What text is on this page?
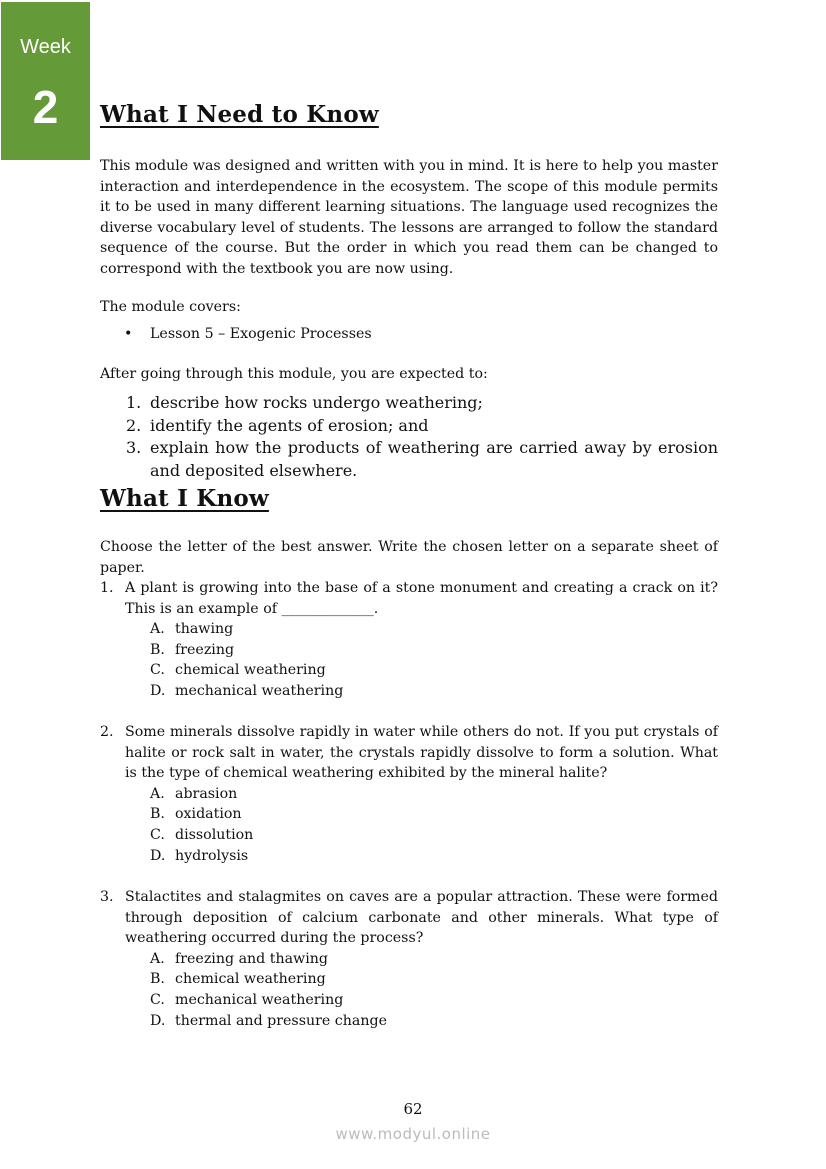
Week
2	What I Need to Know

This module was designed and written with you in mind. It is here to help you master interaction and interdependence in the ecosystem. The scope of this module permits it to be used in many different learning situations. The language used recognizes the diverse vocabulary level of students. The lessons are arranged to follow the standard sequence of the course. But the order in which you read them can be changed to correspond with the textbook you are now using.

The module covers:
• Lesson 5 – Exogenic Processes
After going through this module, you are expected to:
1. describe how rocks undergo weathering;
2. identify the agents of erosion; and
3. explain how the products of weathering are carried away by erosion and deposited elsewhere.
What I Know
Choose the letter of the best answer. Write the chosen letter on a separate sheet of paper.
1. A plant is growing into the base of a stone monument and creating a crack on it? This is an example of _____________.
A. thawing
B. freezing
C. chemical weathering
D. mechanical weathering
2. Some minerals dissolve rapidly in water while others do not. If you put crystals of halite or rock salt in water, the crystals rapidly dissolve to form a solution. What is the type of chemical weathering exhibited by the mineral halite?
A. abrasion
B. oxidation
C. dissolution
D. hydrolysis
3. Stalactites and stalagmites on caves are a popular attraction. These were formed through deposition of calcium carbonate and other minerals. What type of weathering occurred during the process?
A. freezing and thawing
B. chemical weathering
C. mechanical weathering
D. thermal and pressure change
62
www.modyul.online
